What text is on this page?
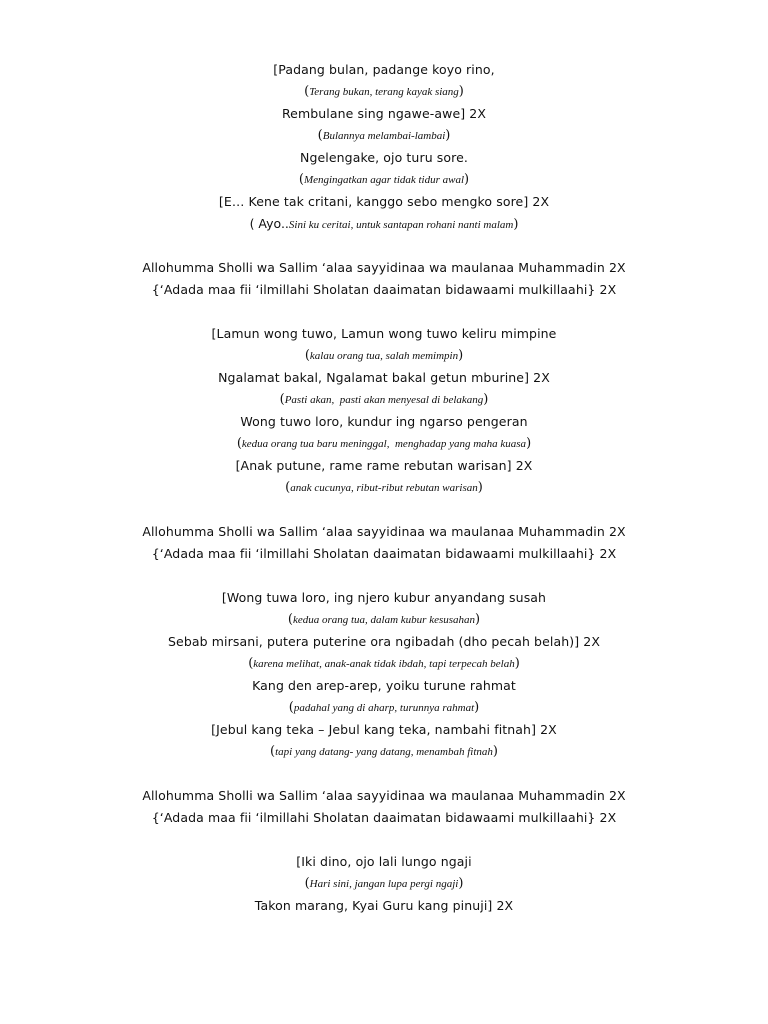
[Padang bulan, padange koyo rino,
(Terang bukan, terang kayak siang)
Rembulane sing ngawe-awe] 2X
(Bulannya melambai-lambai)
Ngelengake, ojo turu sore.
(Mengingatkan agar tidak tidur awal)
[E… Kene tak critani, kanggo sebo mengko sore] 2X
( Ayo..Sini ku ceritai, untuk santapan rohani nanti malam)
Allohumma Sholli wa Sallim ‘alaa sayyidinaa wa maulanaa Muhammadin 2X
{‘Adada maa fii ‘ilmillahi Sholatan daaimatan bidawaami mulkillaahi} 2X
[Lamun wong tuwo, Lamun wong tuwo keliru mimpine
(kalau orang tua, salah memimpin)
Ngalamat bakal, Ngalamat bakal getun mburine] 2X
(Pasti akan,  pasti akan menyesal di belakang)
Wong tuwo loro, kundur ing ngarso pengeran
(kedua orang tua baru meninggal,  menghadap yang maha kuasa)
[Anak putune, rame rame rebutan warisan] 2X
(anak cucunya, ribut-ribut rebutan warisan)
Allohumma Sholli wa Sallim ‘alaa sayyidinaa wa maulanaa Muhammadin 2X
{‘Adada maa fii ‘ilmillahi Sholatan daaimatan bidawaami mulkillaahi} 2X
[Wong tuwa loro, ing njero kubur anyandang susah
(kedua orang tua, dalam kubur kesusahan)
Sebab mirsani, putera puterine ora ngibadah (dho pecah belah)] 2X
(karena melihat, anak-anak tidak ibdah, tapi terpecah belah)
Kang den arep-arep, yoiku turune rahmat
(padahal yang di aharp, turunnya rahmat)
[Jebul kang teka – Jebul kang teka, nambahi fitnah] 2X
(tapi yang datang- yang datang, menambah fitnah)
Allohumma Sholli wa Sallim ‘alaa sayyidinaa wa maulanaa Muhammadin 2X
{‘Adada maa fii ‘ilmillahi Sholatan daaimatan bidawaami mulkillaahi} 2X
[Iki dino, ojo lali lungo ngaji
(Hari sini, jangan lupa pergi ngaji)
Takon marang, Kyai Guru kang pinuji] 2X
